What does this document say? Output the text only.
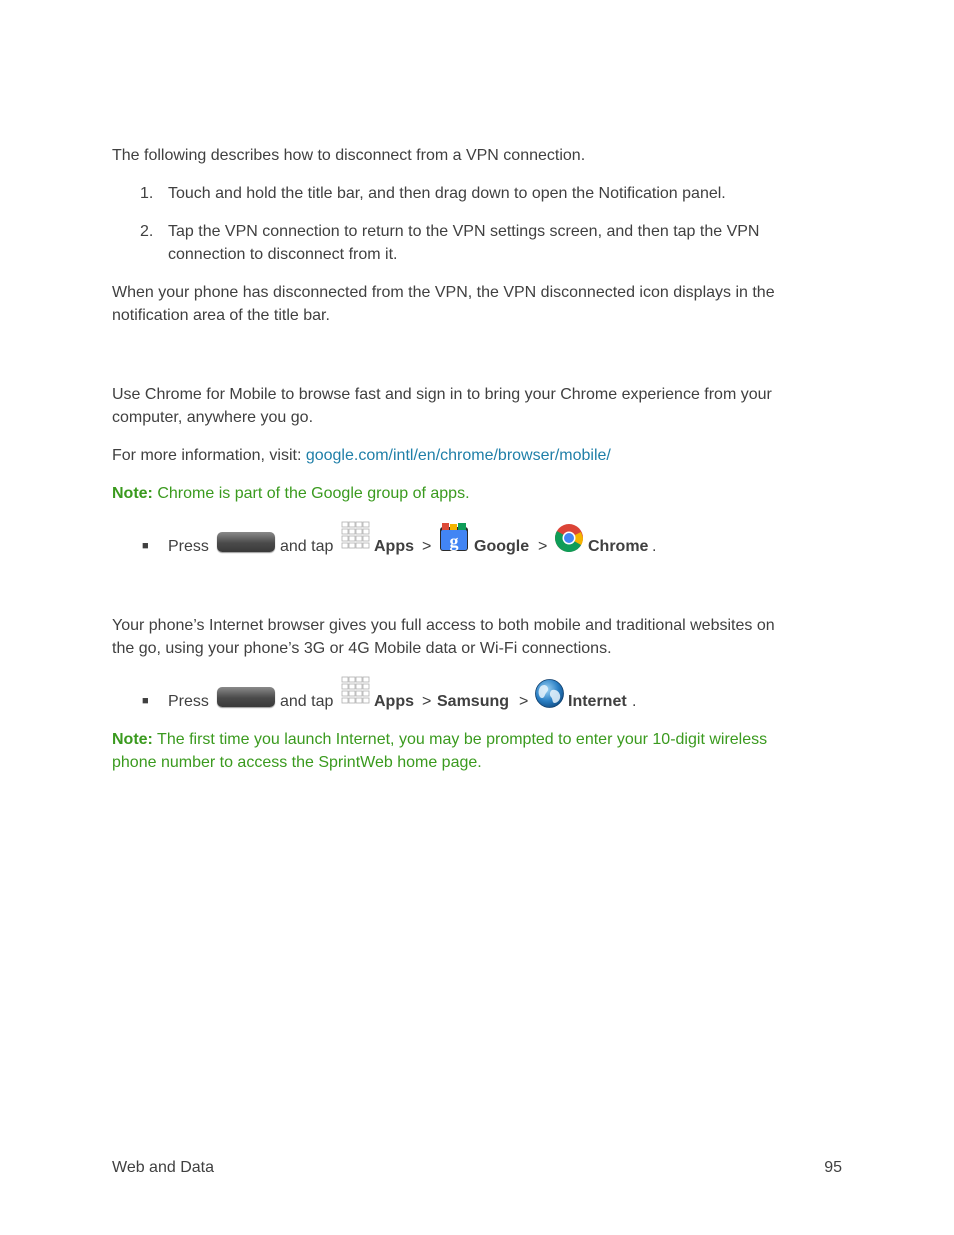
The following describes how to disconnect from a VPN connection.

1. Touch and hold the title bar, and then drag down to open the Notification panel.
2. Tap the VPN connection to return to the VPN settings screen, and then tap the VPN
connection to disconnect from it.

When your phone has disconnected from the VPN, the VPN disconnected icon displays in the

notification area of the title bar.

Use Chrome for Mobile to browse fast and sign in to bring your Chrome experience from your

computer, anywhere you go.

For more information, visit: google.com/intl/en/chrome/browser/mobile/

Note: Chrome is part of the Google group of apps.

■ Press	and tap	Apps > g Google >	Chrome .

Your phone’s Internet browser gives you full access to both mobile and traditional websites on

the go, using your phone’s 3G or 4G Mobile data or Wi-Fi connections.

■ Press	and tap	Apps > Samsung > Internet .

Note: The first time you launch Internet, you may be prompted to enter your 10-digit wireless

phone number to access the SprintWeb home page.

Web and Data	95
